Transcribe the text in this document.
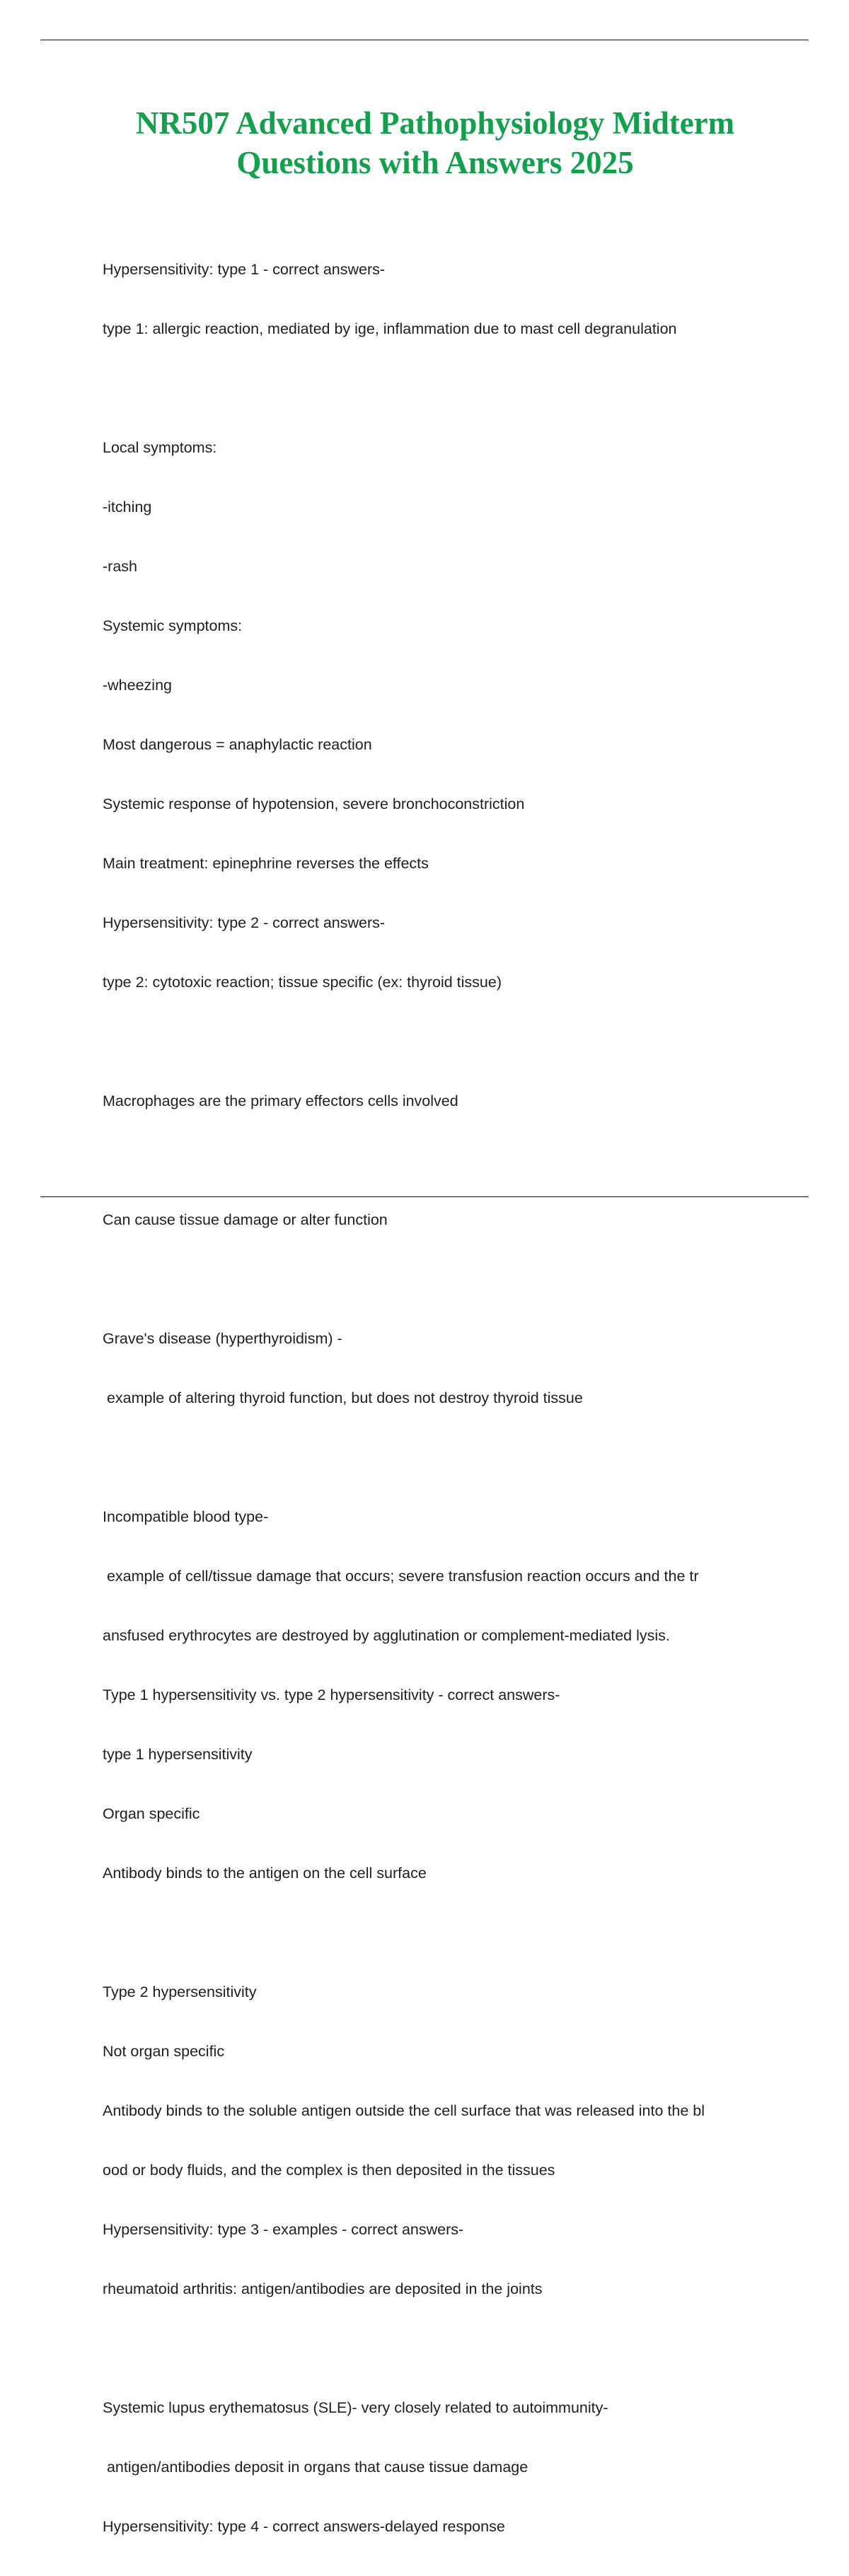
NR507 Advanced Pathophysiology Midterm
Questions with Answers 2025

Hypersensitivity: type 1 - correct answers-

type 1: allergic reaction, mediated by ige, inflammation due to mast cell degranulation

Local symptoms:

-itching

-rash

Systemic symptoms:

-wheezing

Most dangerous = anaphylactic reaction

Systemic response of hypotension, severe bronchoconstriction

Main treatment: epinephrine reverses the effects

Hypersensitivity: type 2 - correct answers-

type 2: cytotoxic reaction; tissue specific (ex: thyroid tissue)

Macrophages are the primary effectors cells involved

Can cause tissue damage or alter function

Grave's disease (hyperthyroidism) -

example of altering thyroid function, but does not destroy thyroid tissue

Incompatible blood type-

example of cell/tissue damage that occurs; severe transfusion reaction occurs and the tr

ansfused erythrocytes are destroyed by agglutination or complement-mediated lysis.

Type 1 hypersensitivity vs. type 2 hypersensitivity - correct answers-

type 1 hypersensitivity

Organ specific

Antibody binds to the antigen on the cell surface

Type 2 hypersensitivity

Not organ specific

Antibody binds to the soluble antigen outside the cell surface that was released into the bl

ood or body fluids, and the complex is then deposited in the tissues

Hypersensitivity: type 3 - examples - correct answers-

rheumatoid arthritis: antigen/antibodies are deposited in the joints

Systemic lupus erythematosus (SLE)- very closely related to autoimmunity-

antigen/antibodies deposit in organs that cause tissue damage

Hypersensitivity: type 4 - correct answers-delayed response
